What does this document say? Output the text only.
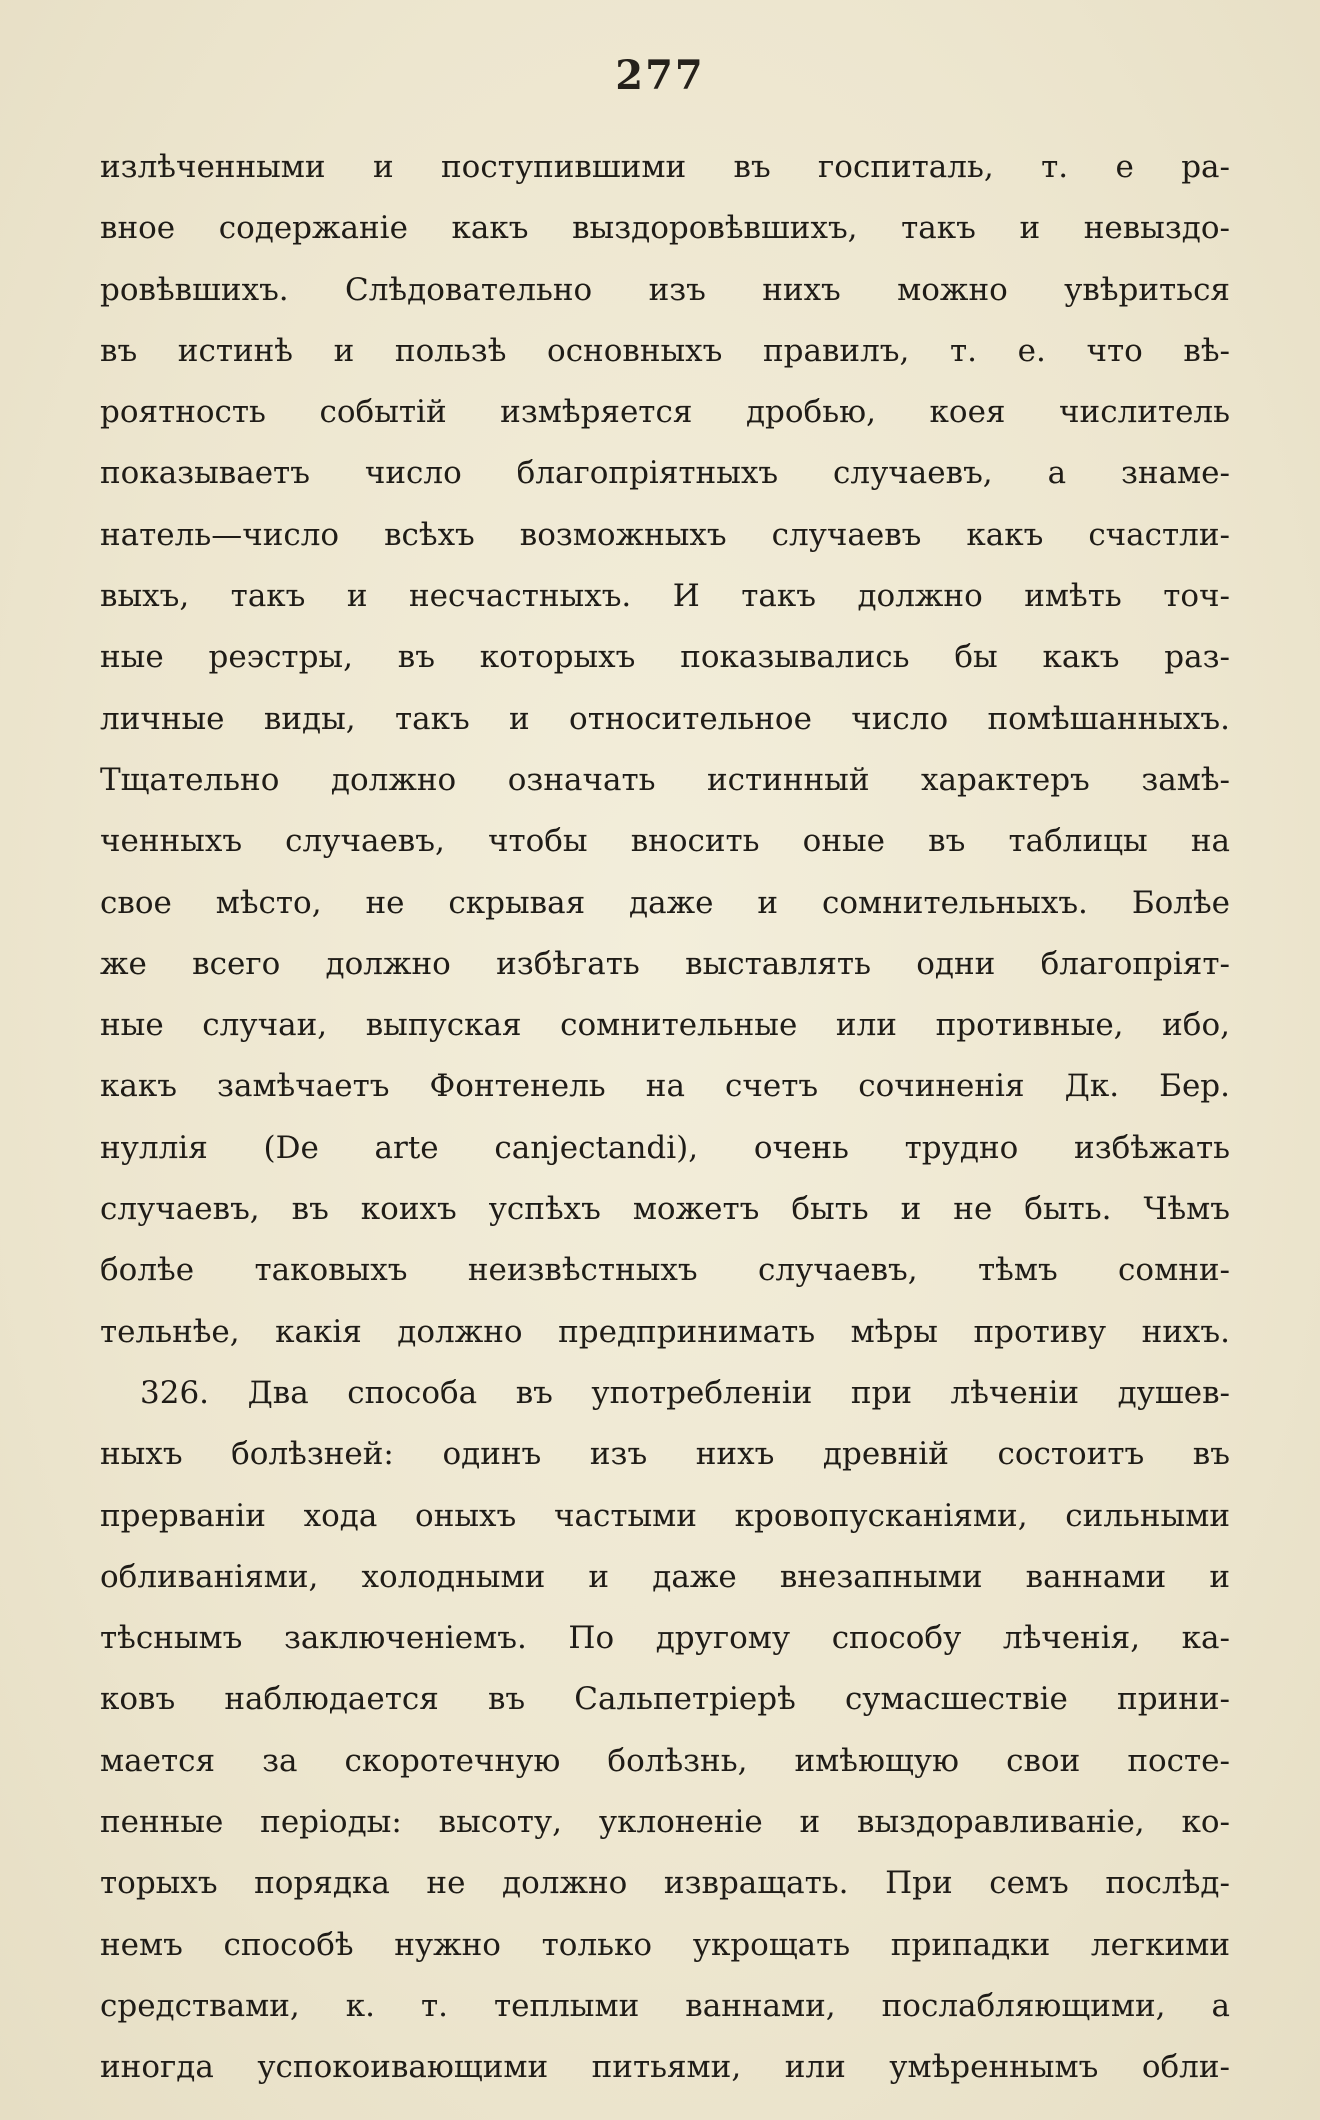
277
излѣченными и поступившими въ госпиталь, т. е ра-
вное содержанiе какъ выздоровѣвшихъ, такъ и невыздо-
ровѣвшихъ. Слѣдовательно изъ нихъ можно увѣриться
въ истинѣ и пользѣ основныхъ правилъ, т. е. что вѣ-
роятность событiй измѣряется дробью, коея числитель
показываетъ число благопрiятныхъ случаевъ, а знаме-
натель—число всѣхъ возможныхъ случаевъ какъ счастли-
выхъ, такъ и несчастныхъ. И такъ должно имѣть точ-
ные реэстры, въ которыхъ показывались бы какъ раз-
личные виды, такъ и относительное число помѣшанныхъ.
Тщательно должно означать истинный характеръ замѣ-
ченныхъ случаевъ, чтобы вносить оные въ таблицы на
свое мѣсто, не скрывая даже и сомнительныхъ. Болѣе
же всего должно избѣгать выставлять одни благопрiят-
ные случаи, выпуская сомнительные или противные, ибо,
какъ замѣчаетъ Фонтенель на счетъ сочиненiя Дк. Бер.
нуллiя (De arte canjectandi), очень трудно избѣжать
случаевъ, въ коихъ успѣхъ можетъ быть и не быть. Чѣмъ
болѣе таковыхъ неизвѣстныхъ случаевъ, тѣмъ сомни-
тельнѣе, какiя должно предпринимать мѣры противу нихъ.
326. Два способа въ употребленiи при лѣченiи душев-
ныхъ болѣзней: одинъ изъ нихъ древнiй состоитъ въ
прерванiи хода оныхъ частыми кровопусканiями, сильными
обливанiями, холодными и даже внезапными ваннами и
тѣснымъ заключенiемъ. По другому способу лѣченiя, ка-
ковъ наблюдается въ Сальпетрiерѣ сумасшествiе прини-
мается за скоротечную болѣзнь, имѣющую свои посте-
пенные перiоды: высоту, уклоненiе и выздоравливанiе, ко-
торыхъ порядка не должно извращать. При семъ послѣд-
немъ способѣ нужно только укрощать припадки легкими
средствами, к. т. теплыми ваннами, послабляющими, а
иногда успокоивающими питьями, или умѣреннымъ обли-
